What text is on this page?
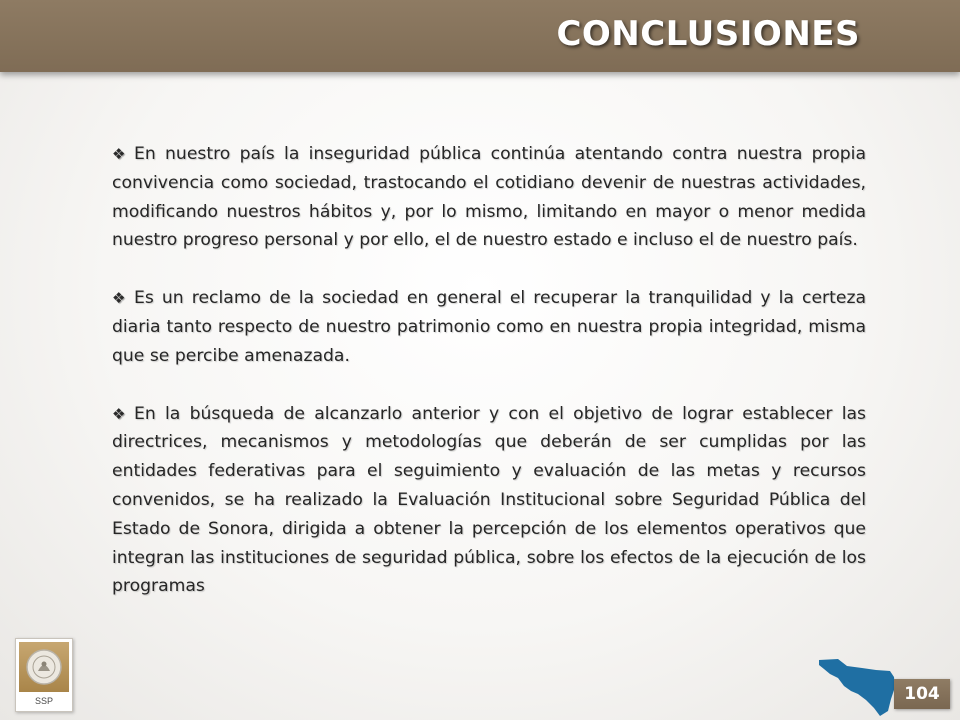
CONCLUSIONES

❖ En nuestro país la inseguridad pública continúa atentando contra nuestra propia convivencia como sociedad, trastocando el cotidiano devenir de nuestras actividades, modificando nuestros hábitos y, por lo mismo, limitando en mayor o menor medida nuestro progreso personal y por ello, el de nuestro estado e incluso el de nuestro país.

❖ Es un reclamo de la sociedad en general el recuperar la tranquilidad y la certeza diaria tanto respecto de nuestro patrimonio como en nuestra propia integridad, misma que se percibe amenazada.

❖ En la búsqueda de alcanzarlo anterior y con el objetivo de lograr establecer las directrices, mecanismos y metodologías que deberán de ser cumplidas por las entidades federativas para el seguimiento y evaluación de las metas y recursos convenidos, se ha realizado la Evaluación Institucional sobre Seguridad Pública del Estado de Sonora, dirigida a obtener la percepción de los elementos operativos que integran las instituciones de seguridad pública, sobre los efectos de la ejecución de los programas

SSP	104
